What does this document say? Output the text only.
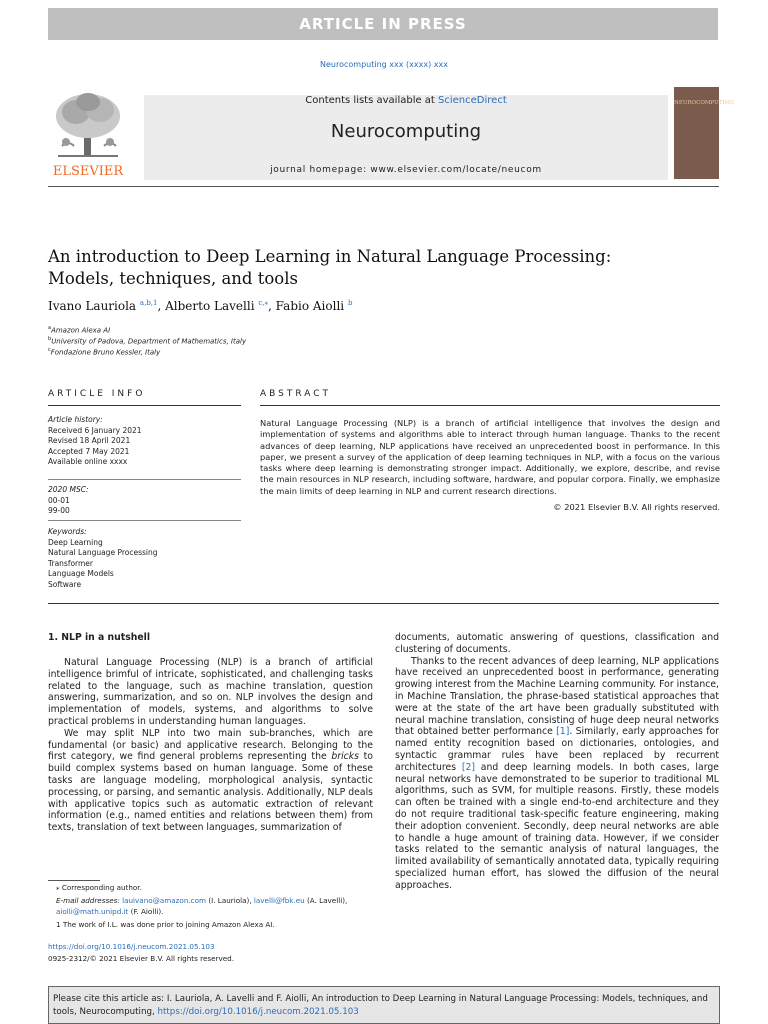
ARTICLE IN PRESS
Neurocomputing xxx (xxxx) xxx
ELSEVIER
Contents lists available at ScienceDirect
Neurocomputing
journal homepage: www.elsevier.com/locate/neucom
NEUROCOMPUTING
An introduction to Deep Learning in Natural Language Processing:
Models, techniques, and tools
Ivano Lauriola $^{a,b,1}$, Alberto Lavelli $^{c,⁎}$, Fabio Aiolli $^b$
$^a$Amazon Alexa AI
$^b$University of Padova, Department of Mathematics, Italy
$^c$Fondazione Bruno Kessler, Italy
ARTICLE INFO
Article history:
Received 6 January 2021
Revised 18 April 2021
Accepted 7 May 2021
Available online xxxx
2020 MSC:
00-01
99-00
Keywords:
Deep Learning
Natural Language Processing
Transformer
Language Models
Software
ABSTRACT
Natural Language Processing (NLP) is a branch of artificial intelligence that involves the design and implementation of systems and algorithms able to interact through human language. Thanks to the recent advances of deep learning, NLP applications have received an unprecedented boost in performance. In this paper, we present a survey of the application of deep learning techniques in NLP, with a focus on the various tasks where deep learning is demonstrating stronger impact. Additionally, we explore, describe, and revise the main resources in NLP research, including software, hardware, and popular corpora. Finally, we emphasize the main limits of deep learning in NLP and current research directions.
© 2021 Elsevier B.V. All rights reserved.
1. NLP in a nutshell

Natural Language Processing (NLP) is a branch of artificial intelligence brimful of intricate, sophisticated, and challenging tasks related to the language, such as machine translation, question answering, summarization, and so on. NLP involves the design and implementation of models, systems, and algorithms to solve practical problems in understanding human languages.

We may split NLP into two main sub-branches, which are fundamental (or basic) and applicative research. Belonging to the first category, we find general problems representing the bricks to build complex systems based on human language. Some of these tasks are language modeling, morphological analysis, syntactic processing, or parsing, and semantic analysis. Additionally, NLP deals with applicative topics such as automatic extraction of relevant information (e.g., named entities and relations between them) from texts, translation of text between languages, summarization of

documents, automatic answering of questions, classification and clustering of documents.

Thanks to the recent advances of deep learning, NLP applications have received an unprecedented boost in performance, generating growing interest from the Machine Learning community. For instance, in Machine Translation, the phrase-based statistical approaches that were at the state of the art have been gradually substituted with neural machine translation, consisting of huge deep neural networks that obtained better performance [1]. Similarly, early approaches for named entity recognition based on dictionaries, ontologies, and syntactic grammar rules have been replaced by recurrent architectures [2] and deep learning models. In both cases, large neural networks have demonstrated to be superior to traditional ML algorithms, such as SVM, for multiple reasons. Firstly, these models can often be trained with a single end-to-end architecture and they do not require traditional task-specific feature engineering, making their adoption convenient. Secondly, deep neural networks are able to handle a huge amount of training data. However, if we consider tasks related to the semantic analysis of natural languages, the limited availability of semantically annotated data, typically requiring specialized human effort, has slowed the diffusion of the neural approaches.

⁎ Corresponding author.
E-mail addresses: lauivano@amazon.com (I. Lauriola), lavelli@fbk.eu (A. Lavelli), aiolli@math.unipd.it (F. Aiolli).
1 The work of I.L. was done prior to joining Amazon Alexa AI.
https://doi.org/10.1016/j.neucom.2021.05.103
0925-2312/© 2021 Elsevier B.V. All rights reserved.
Please cite this article as: I. Lauriola, A. Lavelli and F. Aiolli, An introduction to Deep Learning in Natural Language Processing: Models, techniques, and tools, Neurocomputing, https://doi.org/10.1016/j.neucom.2021.05.103
